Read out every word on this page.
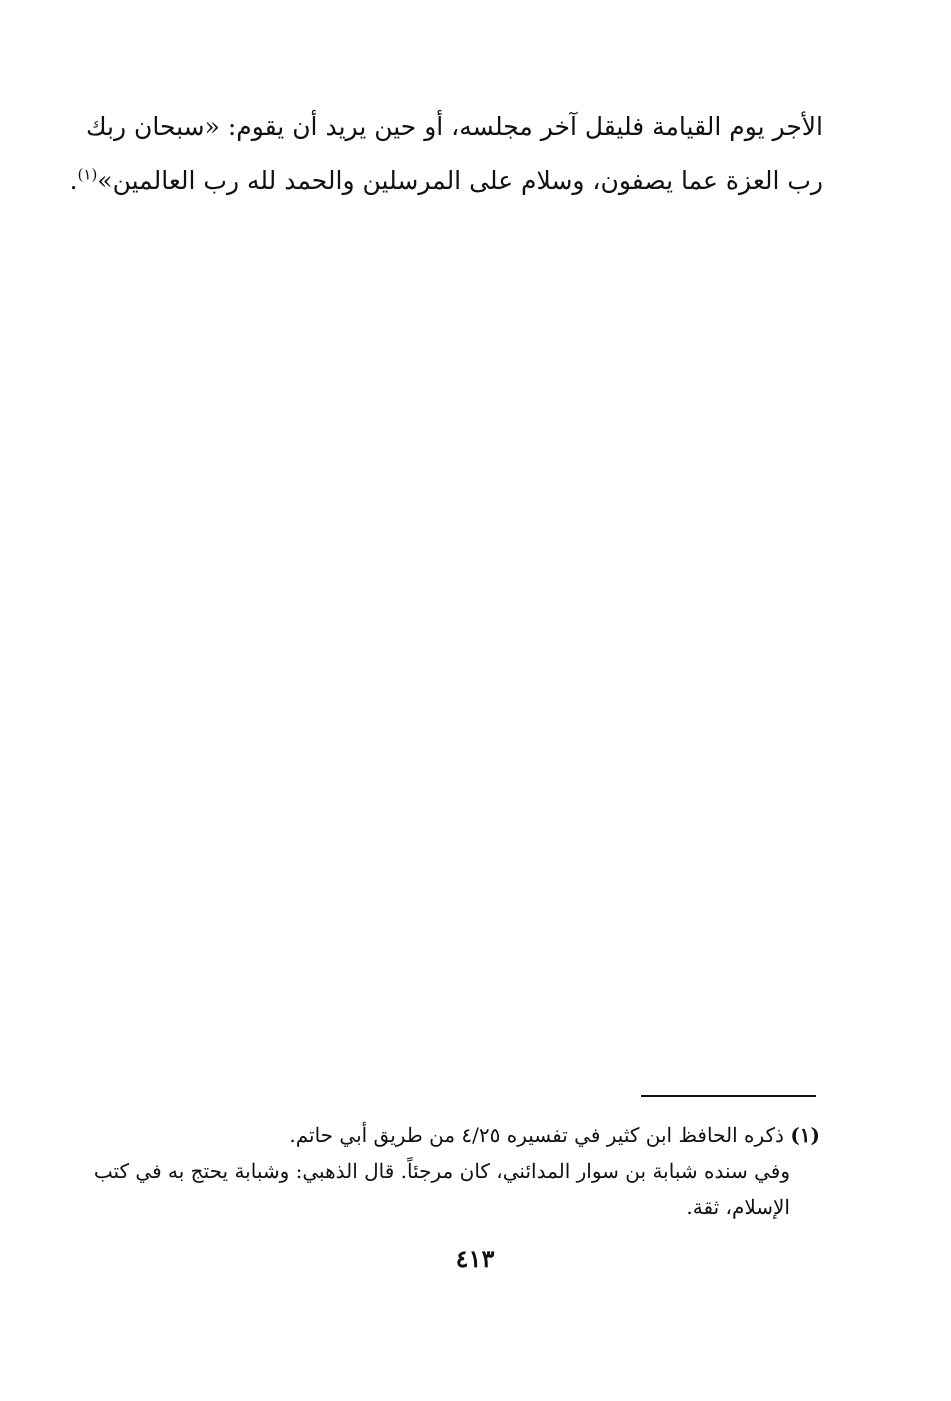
الأجر يوم القيامة فليقل آخر مجلسه، أو حين يريد أن يقوم: «سبحان ربك
رب العزة عما يصفون، وسلام على المرسلين والحمد لله رب العالمين»$^{(١)}$.
(١) ذكره الحافظ ابن كثير في تفسيره ٤/٢٥ من طريق أبي حاتم.
وفي سنده شبابة بن سوار المدائني، كان مرجئاً. قال الذهبي: وشبابة يحتج به في كتب
الإسلام، ثقة.
٤١٣
